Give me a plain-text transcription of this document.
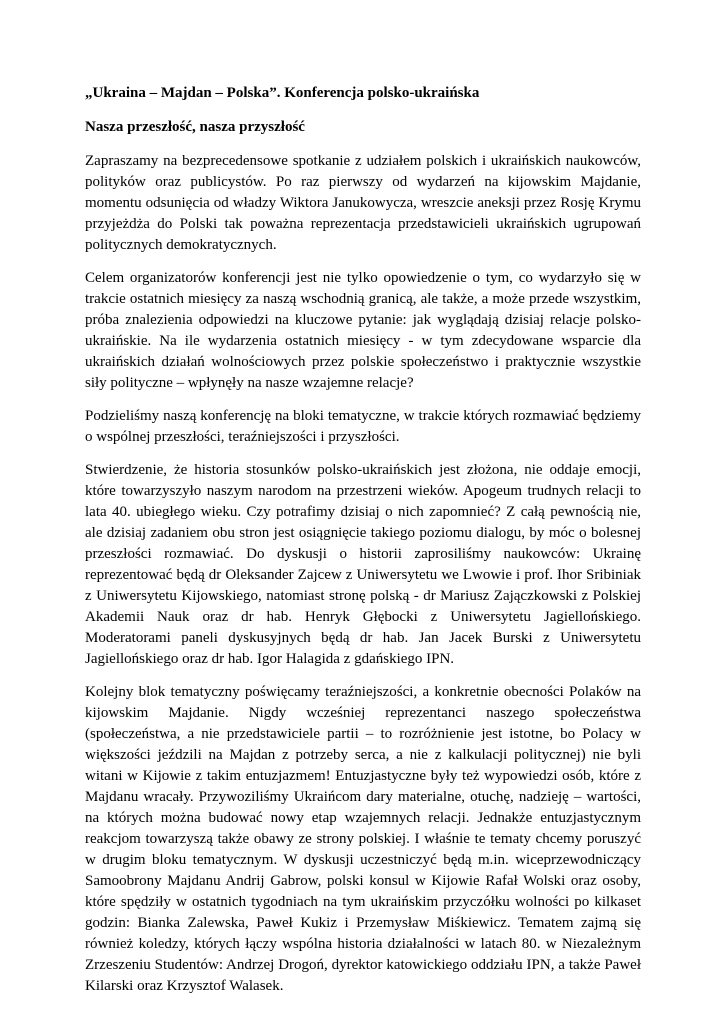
„Ukraina – Majdan – Polska”. Konferencja polsko-ukraińska
Nasza przeszłość, nasza przyszłość

Zapraszamy na bezprecedensowe spotkanie z udziałem polskich i ukraińskich naukowców, polityków oraz publicystów. Po raz pierwszy od wydarzeń na kijowskim Majdanie, momentu odsunięcia od władzy Wiktora Janukowycza, wreszcie aneksji przez Rosję Krymu przyjeżdża do Polski tak poważna reprezentacja przedstawicieli ukraińskich ugrupowań politycznych demokratycznych.

Celem organizatorów konferencji jest nie tylko opowiedzenie o tym, co wydarzyło się w trakcie ostatnich miesięcy za naszą wschodnią granicą, ale także, a może przede wszystkim, próba znalezienia odpowiedzi na kluczowe pytanie: jak wyglądają dzisiaj relacje polsko-ukraińskie. Na ile wydarzenia ostatnich miesięcy - w tym zdecydowane wsparcie dla ukraińskich działań wolnościowych przez polskie społeczeństwo i praktycznie wszystkie siły polityczne – wpłynęły na nasze wzajemne relacje?

Podzieliśmy naszą konferencję na bloki tematyczne, w trakcie których rozmawiać będziemy o wspólnej przeszłości, teraźniejszości i przyszłości.

Stwierdzenie, że historia stosunków polsko-ukraińskich jest złożona, nie oddaje emocji, które towarzyszyło naszym narodom na przestrzeni wieków. Apogeum trudnych relacji to lata 40. ubiegłego wieku. Czy potrafimy dzisiaj o nich zapomnieć? Z całą pewnością nie, ale dzisiaj zadaniem obu stron jest osiągnięcie takiego poziomu dialogu, by móc o bolesnej przeszłości rozmawiać. Do dyskusji o historii zaprosiliśmy naukowców: Ukrainę reprezentować będą dr Oleksander Zajcew z Uniwersytetu we Lwowie i prof. Ihor Sribiniak z Uniwersytetu Kijowskiego, natomiast stronę polską - dr Mariusz Zajączkowski z Polskiej Akademii Nauk oraz dr hab. Henryk Głębocki z Uniwersytetu Jagiellońskiego. Moderatorami paneli dyskusyjnych będą dr hab. Jan Jacek Burski z Uniwersytetu Jagiellońskiego oraz dr hab. Igor Halagida z gdańskiego IPN.

Kolejny blok tematyczny poświęcamy teraźniejszości, a konkretnie obecności Polaków na kijowskim Majdanie. Nigdy wcześniej reprezentanci naszego społeczeństwa (społeczeństwa, a nie przedstawiciele partii – to rozróżnienie jest istotne, bo Polacy w większości jeździli na Majdan z potrzeby serca, a nie z kalkulacji politycznej) nie byli witani w Kijowie z takim entuzjazmem! Entuzjastyczne były też wypowiedzi osób, które z Majdanu wracały. Przywoziliśmy Ukraińcom dary materialne, otuchę, nadzieję – wartości, na których można budować nowy etap wzajemnych relacji. Jednakże entuzjastycznym reakcjom towarzyszą także obawy ze strony polskiej. I właśnie te tematy chcemy poruszyć w drugim bloku tematycznym. W dyskusji uczestniczyć będą m.in. wiceprzewodniczący Samoobrony Majdanu Andrij Gabrow, polski konsul w Kijowie Rafał Wolski oraz osoby, które spędziły w ostatnich tygodniach na tym ukraińskim przyczółku wolności po kilkaset godzin: Bianka Zalewska, Paweł Kukiz i Przemysław Miśkiewicz. Tematem zajmą się również koledzy, których łączy wspólna historia działalności w latach 80. w Niezależnym Zrzeszeniu Studentów: Andrzej Drogoń, dyrektor katowickiego oddziału IPN, a także Paweł Kilarski oraz Krzysztof Walasek.
